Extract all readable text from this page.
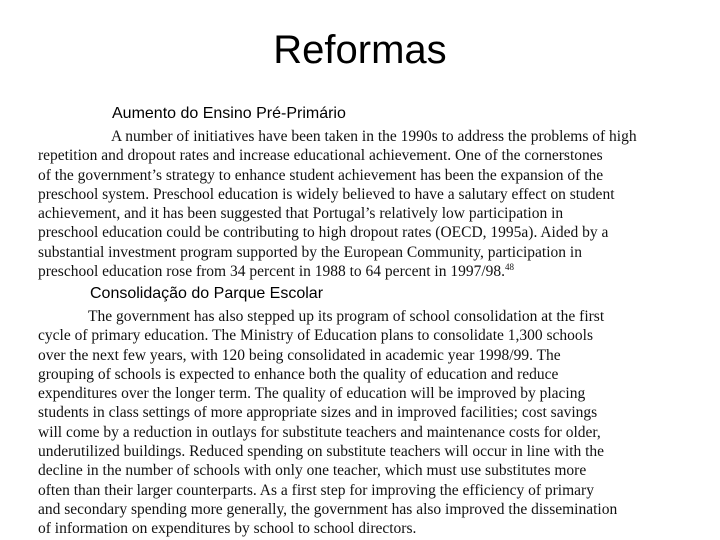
Reformas
Aumento do Ensino Pré-Primário
A number of initiatives have been taken in the 1990s to address the problems of high
repetition and dropout rates and increase educational achievement. One of the cornerstones
of the government’s strategy to enhance student achievement has been the expansion of the
preschool system. Preschool education is widely believed to have a salutary effect on student
achievement, and it has been suggested that Portugal’s relatively low participation in
preschool education could be contributing to high dropout rates (OECD, 1995a). Aided by a
substantial investment program supported by the European Community, participation in
preschool education rose from 34 percent in 1988 to 64 percent in 1997/98.48
Consolidação do Parque Escolar
The government has also stepped up its program of school consolidation at the first
cycle of primary education. The Ministry of Education plans to consolidate 1,300 schools
over the next few years, with 120 being consolidated in academic year 1998/99. The
grouping of schools is expected to enhance both the quality of education and reduce
expenditures over the longer term. The quality of education will be improved by placing
students in class settings of more appropriate sizes and in improved facilities; cost savings
will come by a reduction in outlays for substitute teachers and maintenance costs for older,
underutilized buildings. Reduced spending on substitute teachers will occur in line with the
decline in the number of schools with only one teacher, which must use substitutes more
often than their larger counterparts. As a first step for improving the efficiency of primary
and secondary spending more generally, the government has also improved the dissemination
of information on expenditures by school to school directors.
